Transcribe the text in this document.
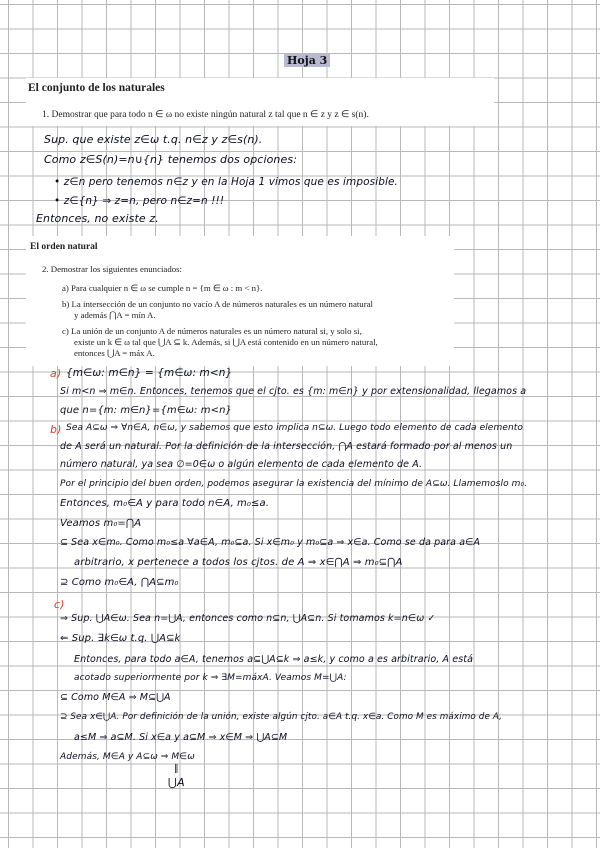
Hoja 3
El conjunto de los naturales
1. Demostrar que para todo n ∈ ω no existe ningún natural z tal que n ∈ z y z ∈ s(n).
Sup. que existe z∈ω t.q. n∈z y z∈s(n).
Como z∈S(n)=n∪{n} tenemos dos opciones:
• z∈n pero tenemos n∈z y en la Hoja 1 vimos que es imposible.
• z∈{n} ⇒ z=n, pero n∈z=n !!!
Entonces, no existe z.
El orden natural
2. Demostrar los siguientes enunciados:
a) Para cualquier n ∈ ω se cumple n = {m ∈ ω : m < n}.
b) La intersección de un conjunto no vacío A de números naturales es un número natural
y además ⋂A = mín A.
c) La unión de un conjunto A de números naturales es un número natural si, y solo si,
existe un k ∈ ω tal que ⋃A ⊆ k. Además, si ⋃A está contenido en un número natural,
entonces ⋃A = máx A.
a) {m∈ω: m∈n} = {m∈ω: m<n}
Si m<n ⇒ m∈n. Entonces, tenemos que el cjto. es {m: m∈n} y por extensionalidad, llegamos a
que n={m: m∈n}={m∈ω: m<n}
b) Sea A⊆ω ⇒ ∀n∈A, n∈ω, y sabemos que esto implica n⊆ω. Luego todo elemento de cada elemento
de A será un natural. Por la definición de la intersección, ⋂A estará formado por al menos un
número natural, ya sea ∅=0∈ω o algún elemento de cada elemento de A.
Por el principio del buen orden, podemos asegurar la existencia del mínimo de A⊆ω. Llamemoslo m₀.
Entonces, m₀∈A y para todo n∈A, m₀≤a.
Veamos m₀=⋂A
⊆ Sea x∈m₀. Como m₀≤a ∀a∈A, m₀⊆a. Si x∈m₀ y m₀⊆a ⇒ x∈a. Como se da para a∈A
arbitrario, x pertenece a todos los cjtos. de A ⇒ x∈⋂A ⇒ m₀⊆⋂A
⊇ Como m₀∈A, ⋂A⊆m₀
c)
⇒ Sup. ⋃A∈ω. Sea n=⋃A, entonces como n⊆n, ⋃A⊆n. Si tomamos k=n∈ω ✓
⇐ Sup. ∃k∈ω t.q. ⋃A⊆k
Entonces, para todo a∈A, tenemos a⊆⋃A⊆k ⇒ a≤k, y como a es arbitrario, A está
acotado superiormente por k ⇒ ∃M=máxA. Veamos M=⋃A:
⊆ Como M∈A ⇒ M⊆⋃A
⊇ Sea x∈⋃A. Por definición de la unión, existe algún cjto. a∈A t.q. x∈a. Como M es máximo de A,
a≤M ⇒ a⊆M. Si x∈a y a⊆M ⇒ x∈M ⇒ ⋃A⊆M
Además, M∈A y A⊆ω ⇒ M∈ω
‖
⋃A
